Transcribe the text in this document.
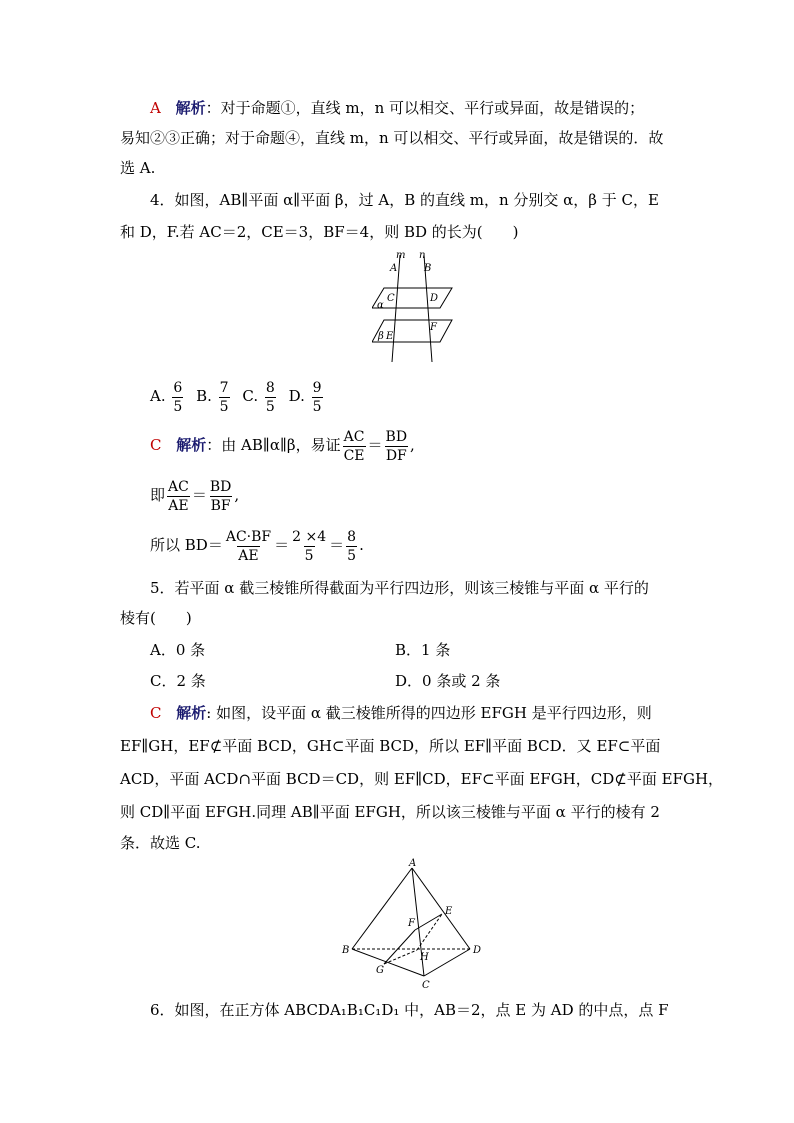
A 解析：对于命题①，直线 m，n 可以相交、平行或异面，故是错误的；
易知②③正确；对于命题④，直线 m，n 可以相交、平行或异面，故是错误的．故
选 A.
4．如图，AB∥平面 α∥平面 β，过 A，B 的直线 m，n 分别交 α，β 于 C，E
和 D，F.若 AC＝2，CE＝3，BF＝4，则 BD 的长为(　　)
m n
A	B
C	D
α
E
F
β
A. $\frac{6}{5} B$. $\frac{7}{5} C$. $\frac{8}{5} D$. $\frac{9}{5}$
C 解析：由 AB∥α∥β，易证 $\frac{AC}{CE} = \frac{BD}{DF}$ ,
即 $\frac{AC}{AE} = \frac{BD}{BF}$ ,
所以 $BD= \frac{AC\cdot BF}{AE} = \frac{2 \times 4}{5} = \frac{8}{5}$ .
5．若平面 α 截三棱锥所得截面为平行四边形，则该三棱锥与平面 α 平行的
棱有(　　)
A．0 条	B．1 条
C．2 条	D．0 条或 2 条
C 解析: 如图，设平面 α 截三棱锥所得的四边形 EFGH 是平行四边形，则
EF∥GH，EF⊄平面 BCD，GH⊂平面 BCD，所以 EF∥平面 BCD．又 EF⊂平面
ACD，平面 ACD∩平面 BCD＝CD，则 EF∥CD，EF⊂平面 EFGH，CD⊄平面 EFGH，
则 CD∥平面 EFGH.同理 AB∥平面 EFGH，所以该三棱锥与平面 α 平行的棱有 2
条．故选 C.
A
B
C
D
E
F
G
H
6．如图，在正方体 ABCDA₁B₁C₁D₁ 中，AB＝2，点 E 为 AD 的中点，点 F
